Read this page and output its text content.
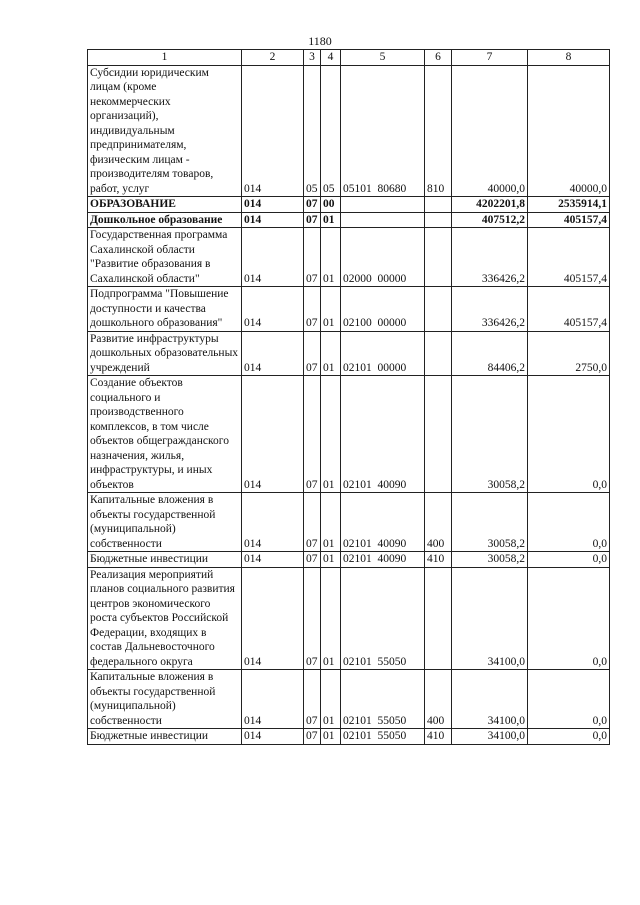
1180
1	2	3	4	5	6	7	8
Субсидии юридическим лицам (кроме некоммерческих организаций), индивидуальным предпринимателям, физическим лицам - производителям товаров, работ, услуг	014	05	05	05101  80680	810	40000,0	40000,0
ОБРАЗОВАНИЕ	014	07	00			4202201,8	2535914,1
Дошкольное образование	014	07	01			407512,2	405157,4
Государственная программа Сахалинской области "Развитие образования в Сахалинской области"	014	07	01	02000  00000		336426,2	405157,4
Подпрограмма "Повышение доступности и качества дошкольного образования"	014	07	01	02100  00000		336426,2	405157,4
Развитие инфраструктуры дошкольных образовательных учреждений	014	07	01	02101  00000		84406,2	2750,0
Создание объектов социального и производственного комплексов, в том числе объектов общегражданского назначения, жилья, инфраструктуры, и иных объектов	014	07	01	02101  40090		30058,2	0,0
Капитальные вложения в объекты государственной (муниципальной) собственности	014	07	01	02101  40090	400	30058,2	0,0
Бюджетные инвестиции	014	07	01	02101  40090	410	30058,2	0,0
Реализация мероприятий планов социального развития центров экономического роста субъектов Российской Федерации, входящих в состав Дальневосточного федерального округа	014	07	01	02101  55050		34100,0	0,0
Капитальные вложения в объекты государственной (муниципальной) собственности	014	07	01	02101  55050	400	34100,0	0,0
Бюджетные инвестиции	014	07	01	02101  55050	410	34100,0	0,0
